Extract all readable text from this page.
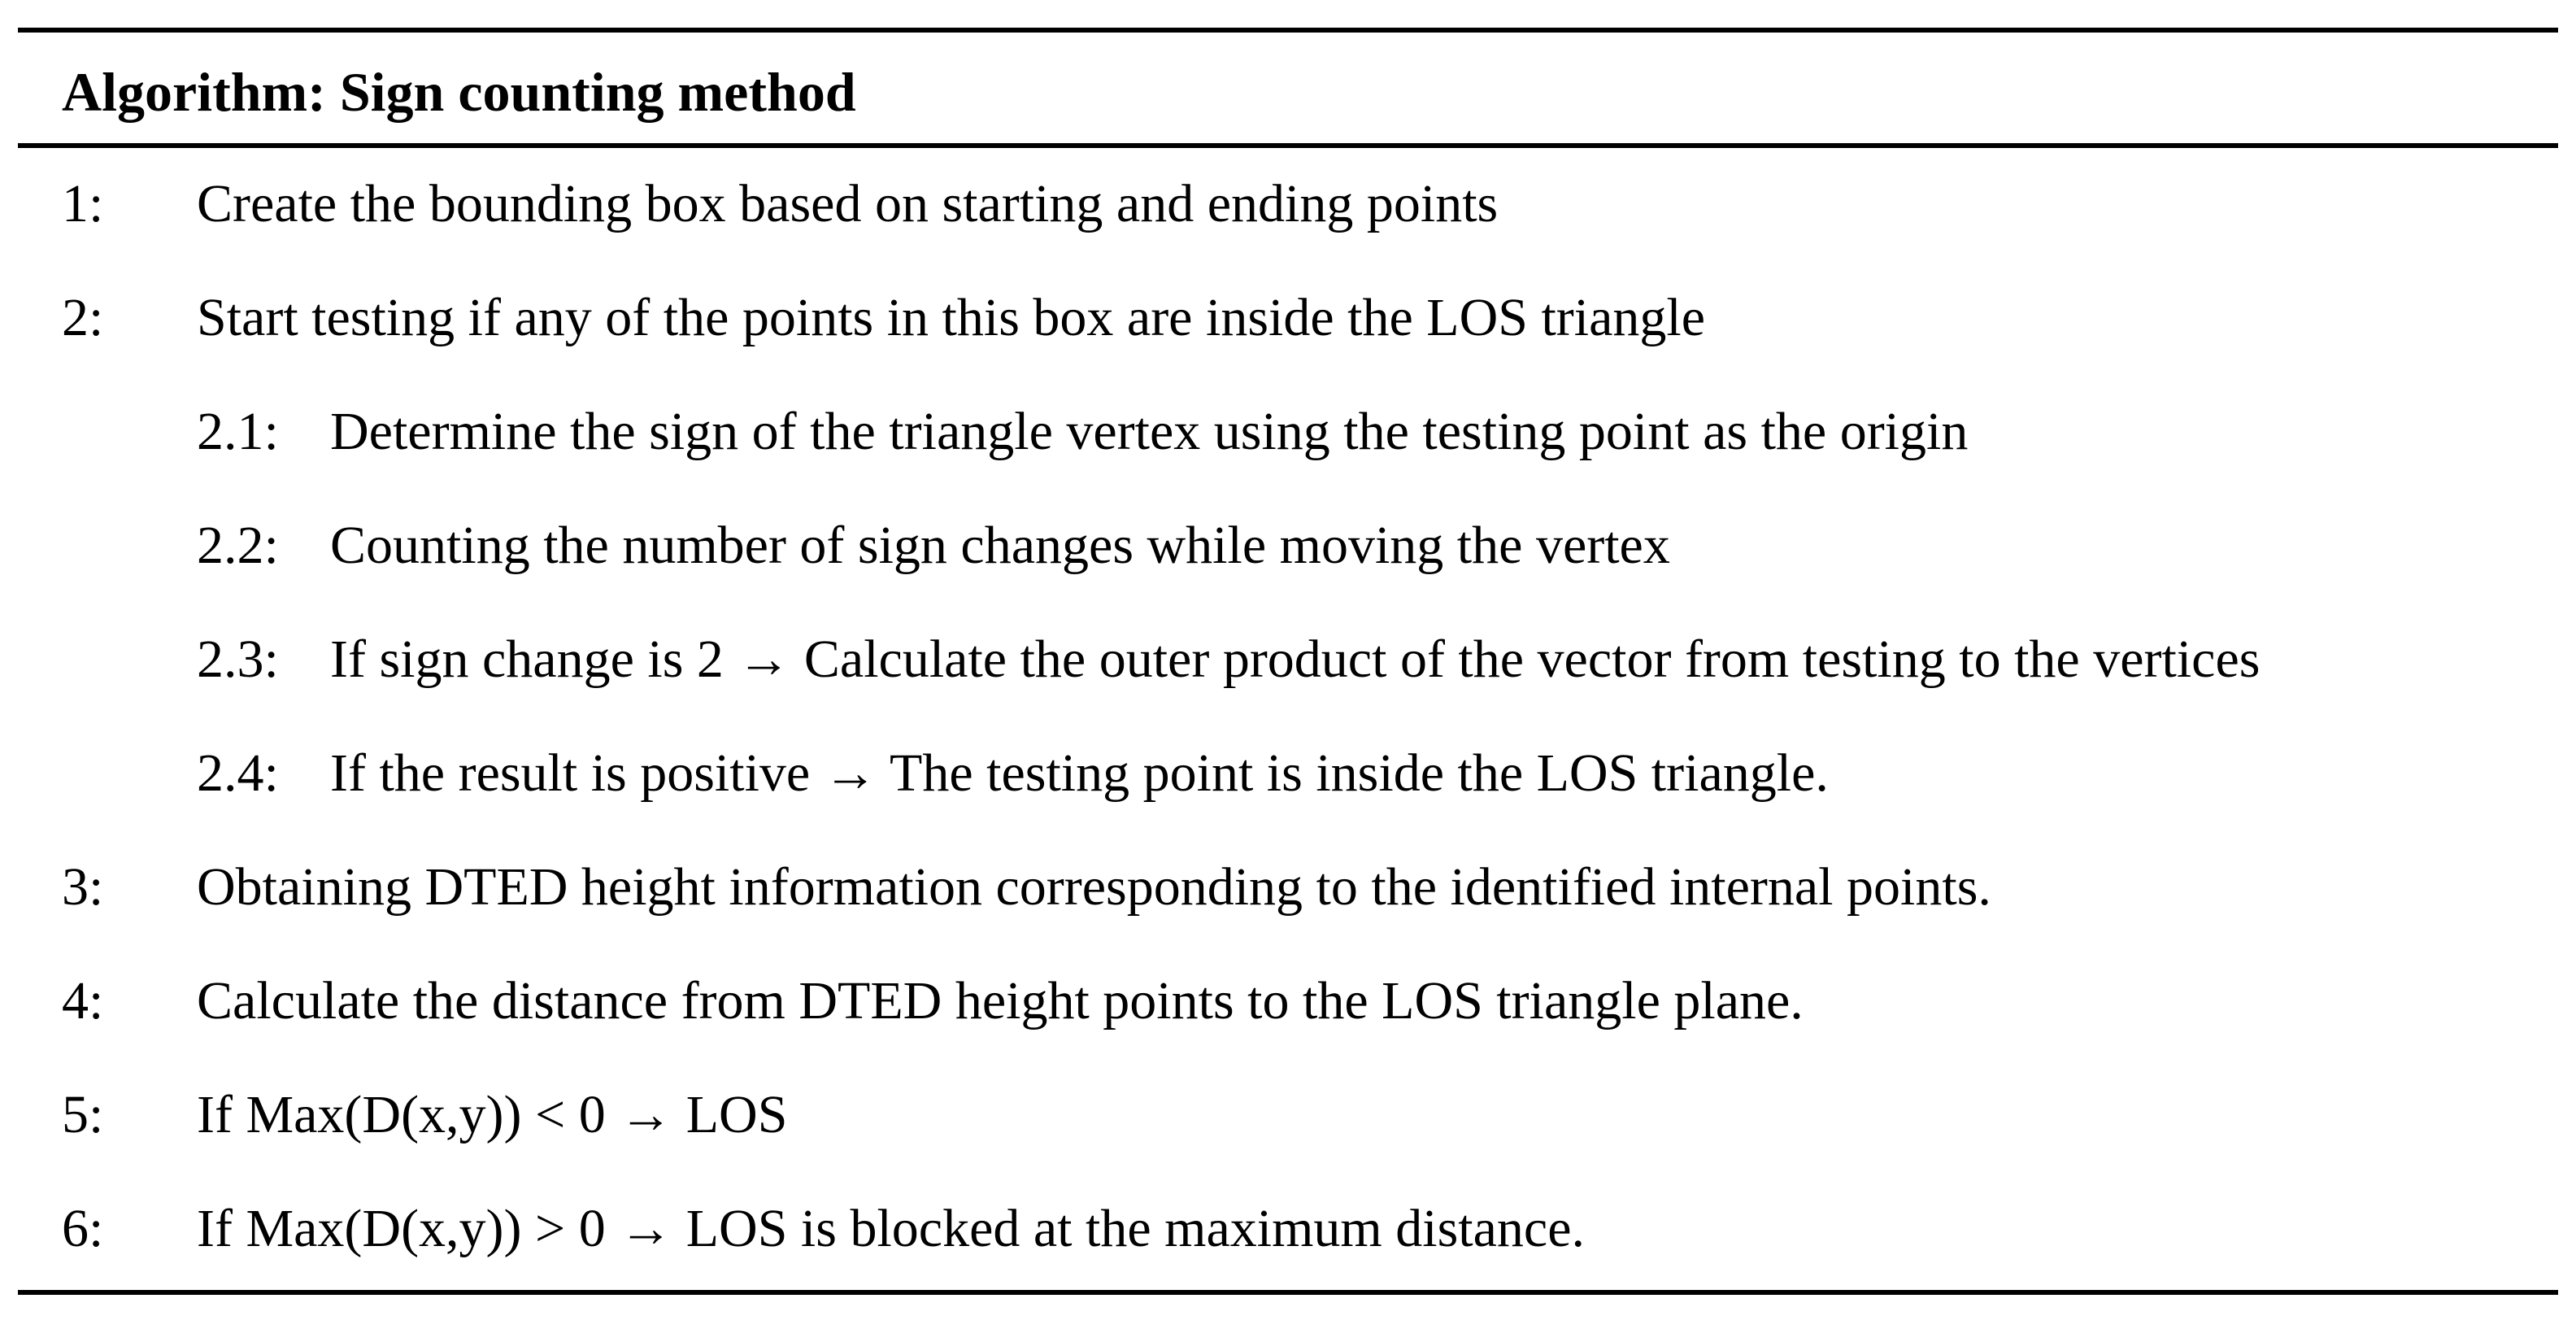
Algorithm: Sign counting method
1: Create the bounding box based on starting and ending points
2: Start testing if any of the points in this box are inside the LOS triangle
2.1: Determine the sign of the triangle vertex using the testing point as the origin
2.2: Counting the number of sign changes while moving the vertex
2.3: If sign change is 2 → Calculate the outer product of the vector from testing to the vertices
2.4: If the result is positive → The testing point is inside the LOS triangle.
3: Obtaining DTED height information corresponding to the identified internal points.
4: Calculate the distance from DTED height points to the LOS triangle plane.
5: If Max(D(x,y)) < 0 → LOS
6: If Max(D(x,y)) > 0 → LOS is blocked at the maximum distance.
